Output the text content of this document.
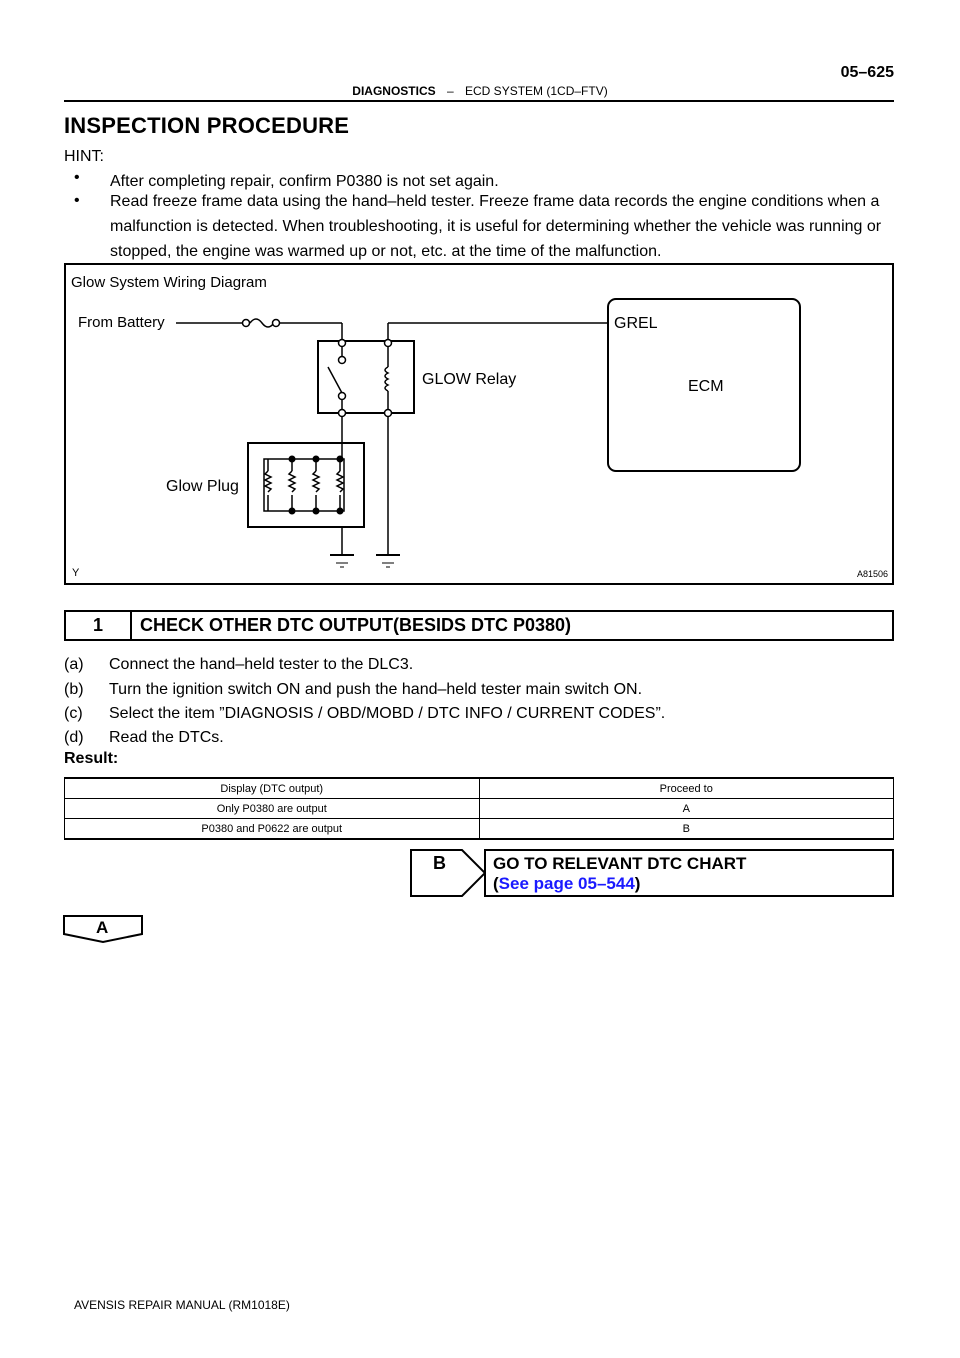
05–625
DIAGNOSTICS – ECD SYSTEM (1CD–FTV)
INSPECTION PROCEDURE
HINT:
• After completing repair, confirm P0380 is not set again.
• Read freeze frame data using the hand–held tester. Freeze frame data records the engine conditions when a malfunction is detected. When troubleshooting, it is useful for determining whether the vehicle was running or stopped, the engine was warmed up or not, etc. at the time of the malfunction.
Glow System Wiring Diagram
From Battery	GREL
ECM
GLOW Relay
Glow Plug
Y	A81506
1	CHECK OTHER DTC OUTPUT(BESIDS DTC P0380)
(a) Connect the hand–held tester to the DLC3.
(b) Turn the ignition switch ON and push the hand–held tester main switch ON.
(c) Select the item ”DIAGNOSIS / OBD/MOBD / DTC INFO / CURRENT CODES”.
(d) Read the DTCs.
Result:
Display (DTC output)	Proceed to
Only P0380 are output	A
P0380 and P0622 are output	B
B	GO TO RELEVANT DTC CHART
(See page 05–544)
A
AVENSIS REPAIR MANUAL (RM1018E)
